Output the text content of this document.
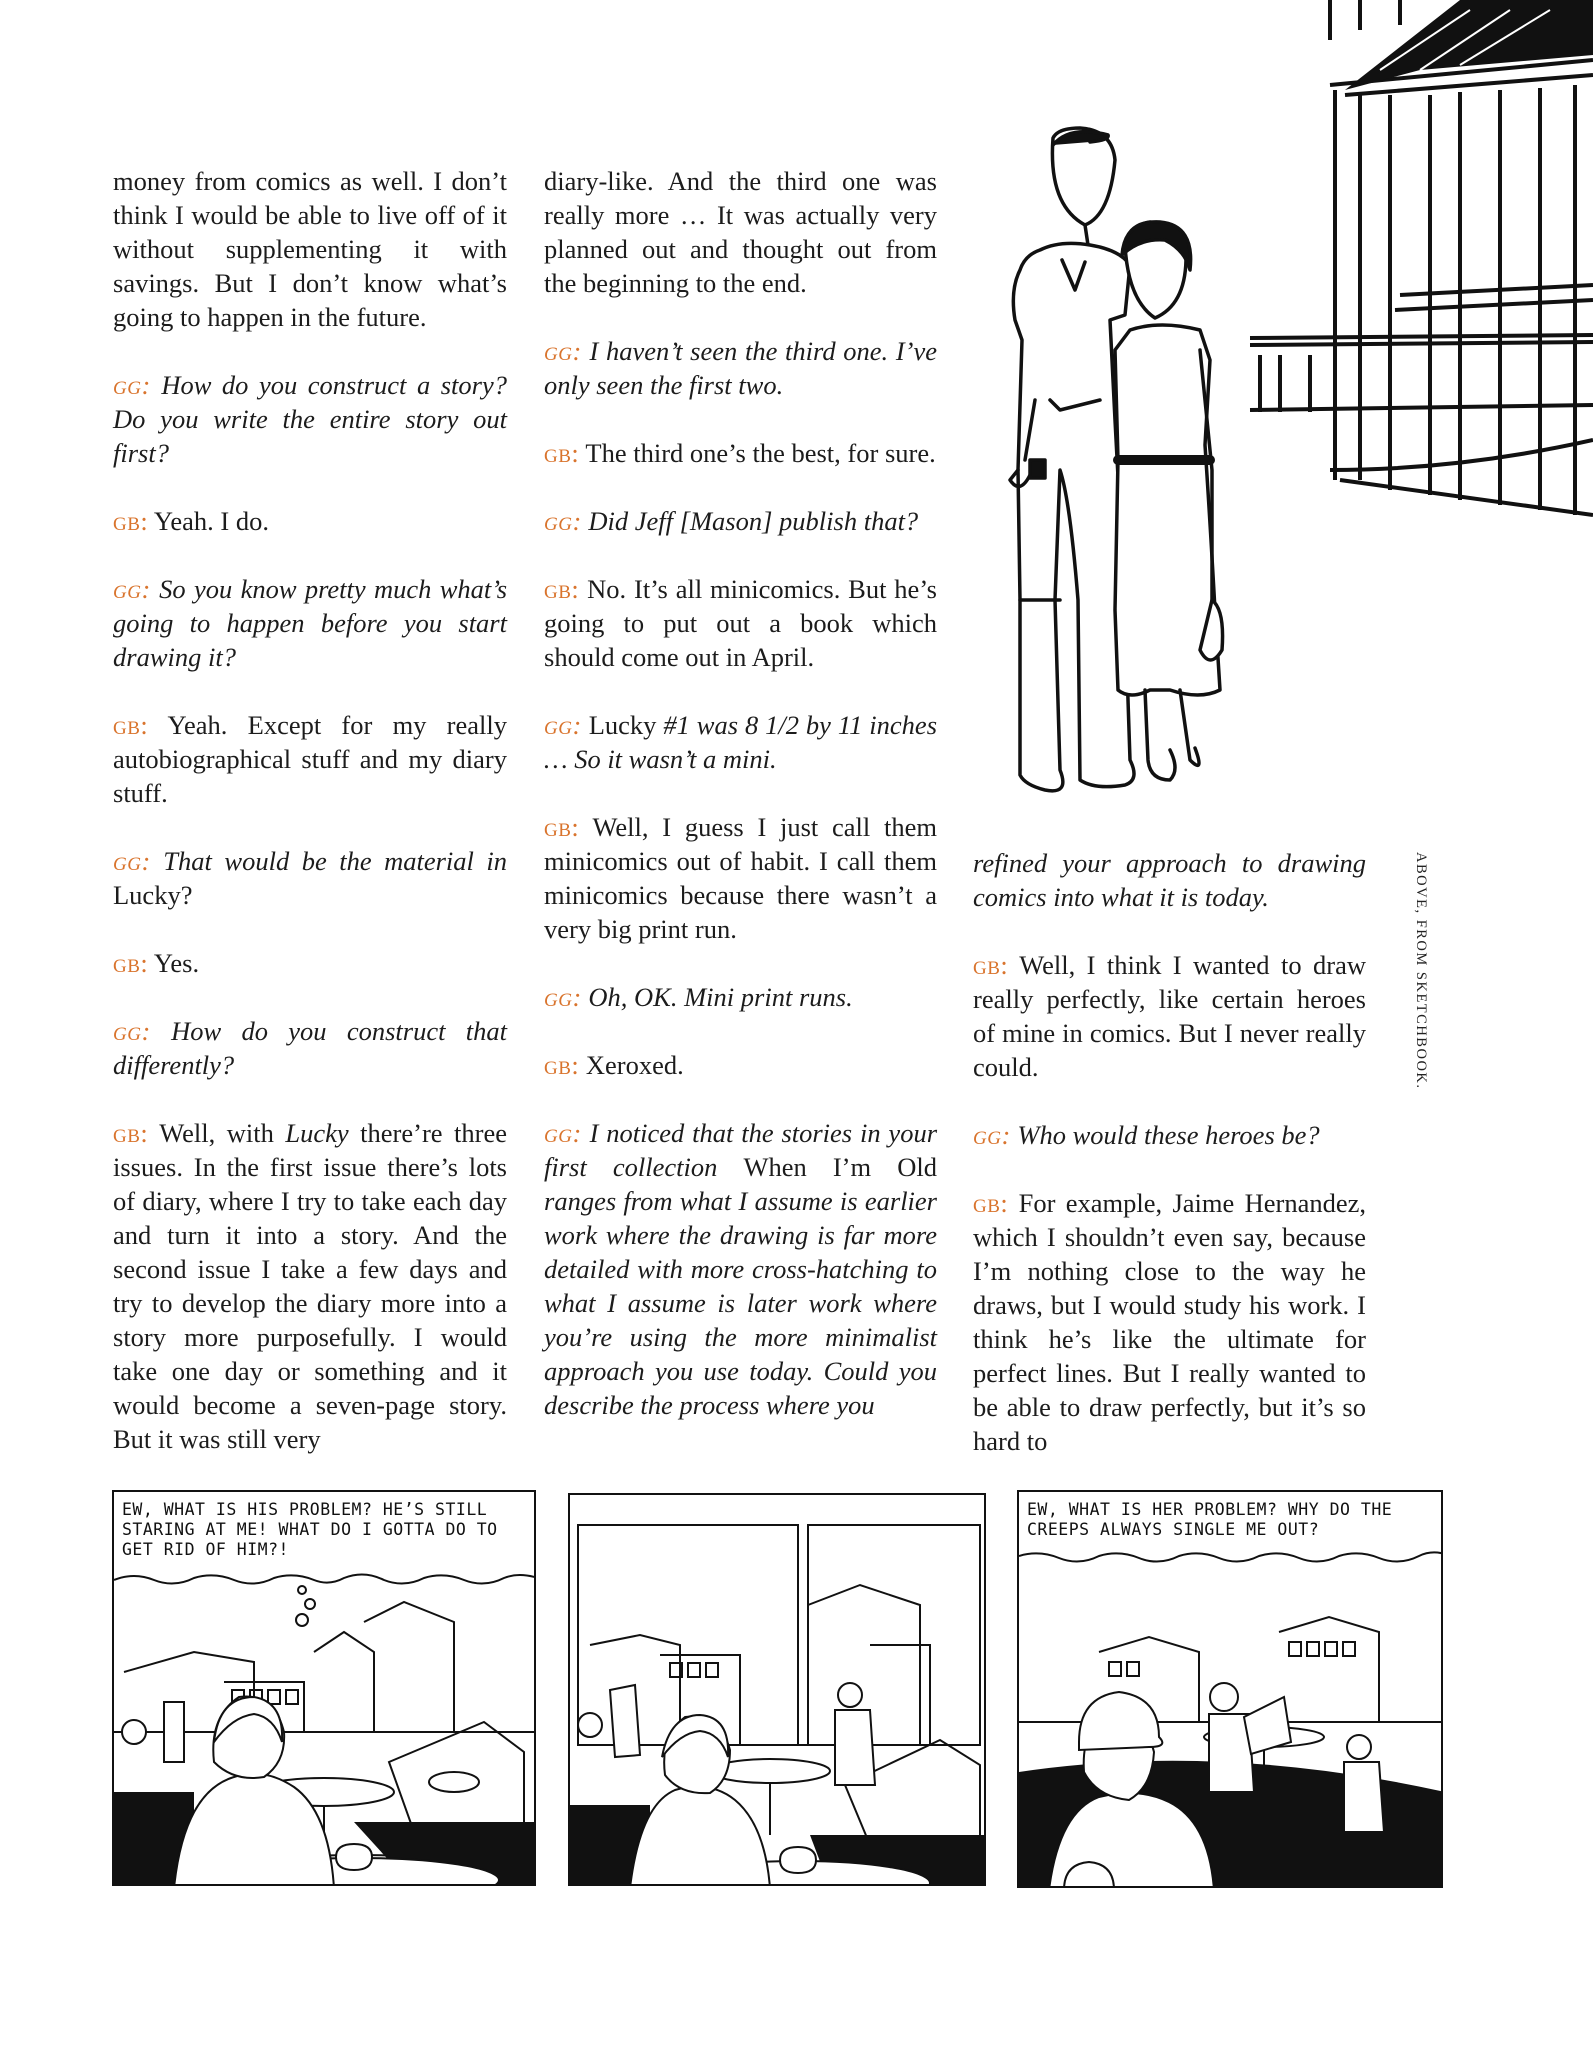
money from comics as well. I don’t think I would be able to live off of it without supplementing it with savings. But I don’t know what’s going to happen in the future.

gg: How do you construct a story? Do you write the entire story out first?

gb: Yeah. I do.

gg: So you know pretty much what’s going to happen before you start drawing it?

gb: Yeah. Except for my really autobiographical stuff and my diary stuff.

gg: That would be the material in Lucky?

gb: Yes.

gg: How do you construct that differently?

gb: Well, with Lucky there’re three issues. In the first issue there’s lots of diary, where I try to take each day and turn it into a story. And the second issue I take a few days and try to develop the diary more into a story more purposefully. I would take one day or something and it would become a seven-page story. But it was still very

diary-like. And the third one was really more … It was actually very planned out and thought out from the beginning to the end.

gg: I haven’t seen the third one. I’ve only seen the first two.

gb: The third one’s the best, for sure.

gg: Did Jeff [Mason] publish that?

gb: No. It’s all minicomics. But he’s going to put out a book which should come out in April.

gg: Lucky #1 was 8 1/2 by 11 inches … So it wasn’t a mini.

gb: Well, I guess I just call them minicomics out of habit. I call them minicomics because there wasn’t a very big print run.

gg: Oh, OK. Mini print runs.

gb: Xeroxed.

gg: I noticed that the stories in your first collection When I’m Old ranges from what I assume is earlier work where the drawing is far more detailed with more cross-hatching to what I assume is later work where you’re using the more minimalist approach you use today. Could you describe the process where you

refined your approach to drawing comics into what it is today.

gb: Well, I think I wanted to draw really perfectly, like certain heroes of mine in comics. But I never really could.

gg: Who would these heroes be?

gb: For example, Jaime Hernandez, which I shouldn’t even say, because I’m nothing close to the way he draws, but I would study his work. I think he’s like the ultimate for perfect lines. But I really wanted to be able to draw perfectly, but it’s so hard to

ABOVE, FROM SKETCHBOOK.
EW, WHAT IS HIS PROBLEM? HE’S STILL STARING AT ME! WHAT DO I GOTTA DO TO GET RID OF HIM?!
EW, WHAT IS HER PROBLEM? WHY DO THE CREEPS ALWAYS SINGLE ME OUT?
